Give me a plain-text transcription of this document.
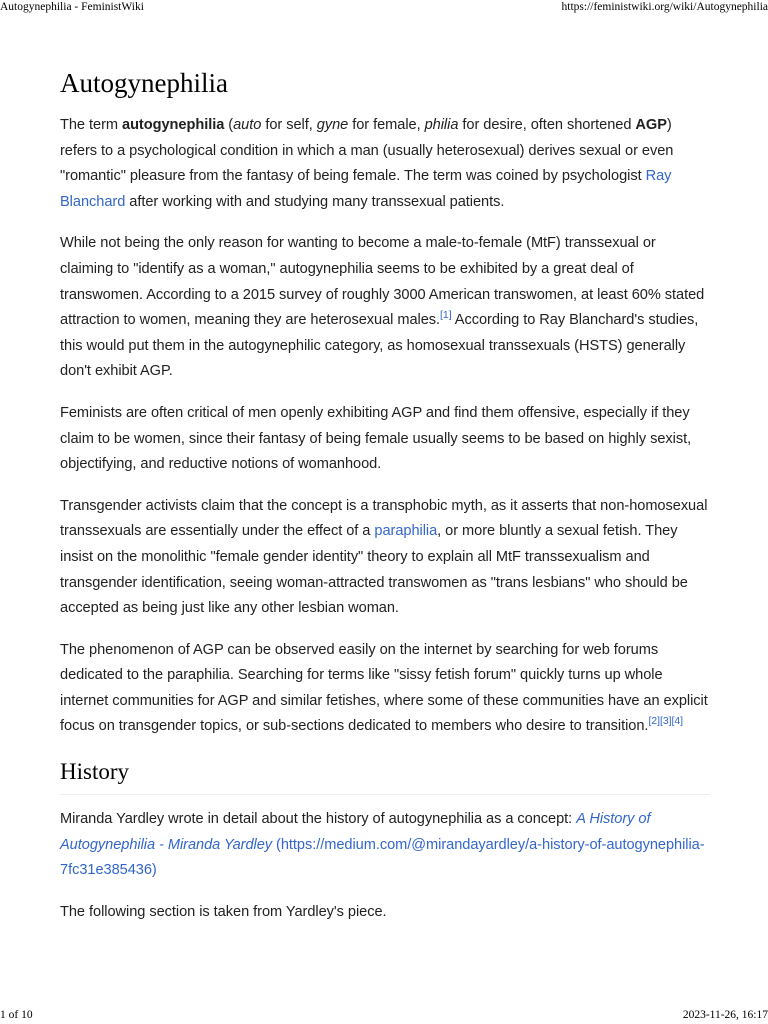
Autogynephilia - FeministWiki	https://feministwiki.org/wiki/Autogynephilia
Autogynephilia

The term autogynephilia (auto for self, gyne for female, philia for desire, often shortened AGP) refers to a psychological condition in which a man (usually heterosexual) derives sexual or even "romantic" pleasure from the fantasy of being female. The term was coined by psychologist Ray Blanchard after working with and studying many transsexual patients.

While not being the only reason for wanting to become a male-to-female (MtF) transsexual or claiming to "identify as a woman," autogynephilia seems to be exhibited by a great deal of transwomen. According to a 2015 survey of roughly 3000 American transwomen, at least 60% stated attraction to women, meaning they are heterosexual males.[1] According to Ray Blanchard's studies, this would put them in the autogynephilic category, as homosexual transsexuals (HSTS) generally don't exhibit AGP.

Feminists are often critical of men openly exhibiting AGP and find them offensive, especially if they claim to be women, since their fantasy of being female usually seems to be based on highly sexist, objectifying, and reductive notions of womanhood.

Transgender activists claim that the concept is a transphobic myth, as it asserts that non-homosexual transsexuals are essentially under the effect of a paraphilia, or more bluntly a sexual fetish. They insist on the monolithic "female gender identity" theory to explain all MtF transsexualism and transgender identification, seeing woman-attracted transwomen as "trans lesbians" who should be accepted as being just like any other lesbian woman.

The phenomenon of AGP can be observed easily on the internet by searching for web forums dedicated to the paraphilia. Searching for terms like "sissy fetish forum" quickly turns up whole internet communities for AGP and similar fetishes, where some of these communities have an explicit focus on transgender topics, or sub-sections dedicated to members who desire to transition.[2][3][4]

History

Miranda Yardley wrote in detail about the history of autogynephilia as a concept: A History of Autogynephilia - Miranda Yardley (https://medium.com/@mirandayardley/a-history-of-autogynephilia-7fc31e385436)

The following section is taken from Yardley's piece.

1 of 10	2023-11-26, 16:17
